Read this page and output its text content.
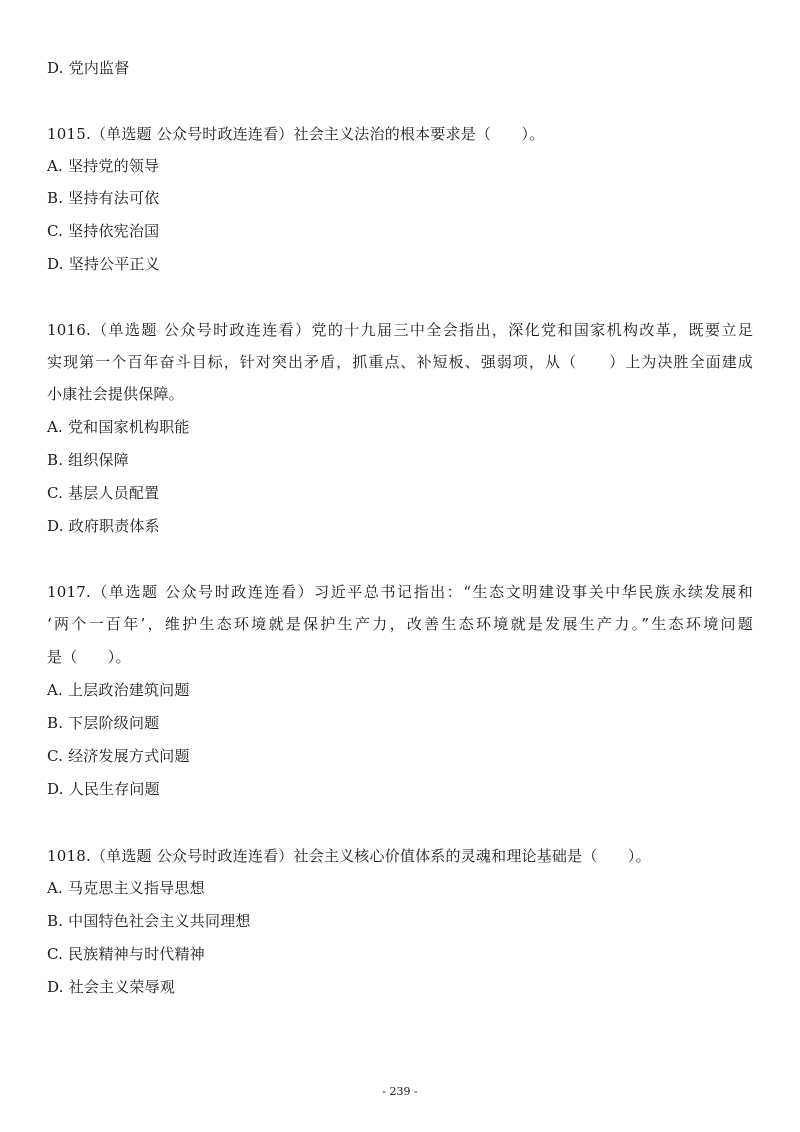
D. 党内监督
1015.（单选题 公众号时政连连看）社会主义法治的根本要求是（　　）。
A. 坚持党的领导
B. 坚持有法可依
C. 坚持依宪治国
D. 坚持公平正义
1016.（单选题 公众号时政连连看）党的十九届三中全会指出，深化党和国家机构改革，既要立足
实现第一个百年奋斗目标，针对突出矛盾，抓重点、补短板、强弱项，从（　　）上为决胜全面建成
小康社会提供保障。
A. 党和国家机构职能
B. 组织保障
C. 基层人员配置
D. 政府职责体系
1017.（单选题 公众号时政连连看）习近平总书记指出：“生态文明建设事关中华民族永续发展和
‘两个一百年’，维护生态环境就是保护生产力，改善生态环境就是发展生产力。”生态环境问题
是（　　）。
A. 上层政治建筑问题
B. 下层阶级问题
C. 经济发展方式问题
D. 人民生存问题
1018.（单选题 公众号时政连连看）社会主义核心价值体系的灵魂和理论基础是（　　）。
A. 马克思主义指导思想
B. 中国特色社会主义共同理想
C. 民族精神与时代精神
D. 社会主义荣辱观
- 239 -
